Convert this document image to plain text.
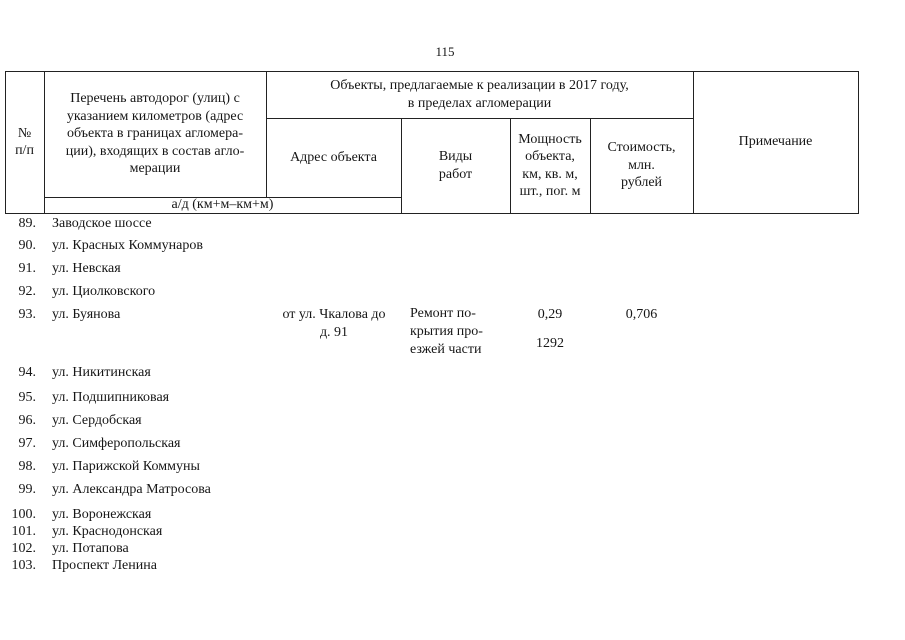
115
№
п/п
Перечень автодорог (улиц) с
указанием километров (адрес
объекта в границах агломера-
ции), входящих в состав агло-
мерации
а/д (км+м–км+м)
Объекты, предлагаемые к реализации в 2017 году,
в пределах агломерации
Адрес объекта	Виды
работ
Мощность
объекта,
км, кв. м,
шт., пог. м
Стоимость,
млн.
рублей
Примечание
89. Заводское шоссе
90. ул. Красных Коммунаров
91. ул. Невская
92. ул. Циолковского
93. ул. Буянова	от ул. Чкалова до
д. 91
Ремонт по-
крытия про-
езжей части
0,29
1292
0,706
94. ул. Никитинская
95. ул. Подшипниковая
96. ул. Сердобская
97. ул. Симферопольская
98. ул. Парижской Коммуны
99. ул. Александра Матросова
100. ул. Воронежская
101. ул. Краснодонская
102. ул. Потапова
103. Проспект Ленина
